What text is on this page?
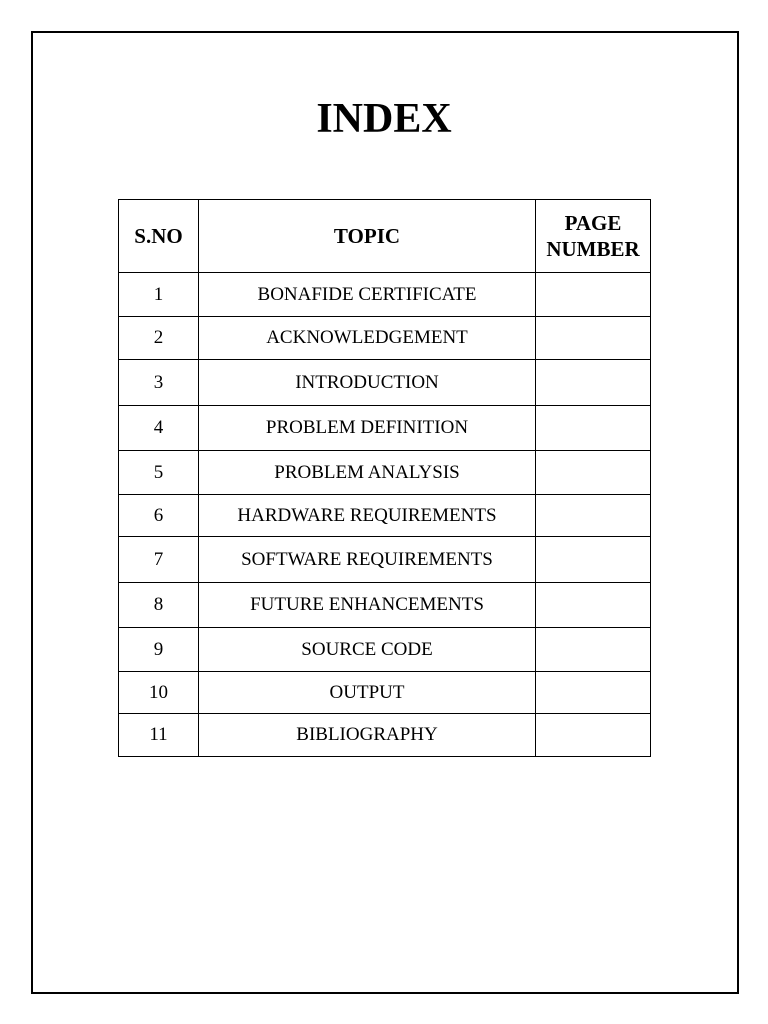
INDEX
S.NO	TOPIC	PAGE
NUMBER
1	BONAFIDE CERTIFICATE	
2	ACKNOWLEDGEMENT	
3	INTRODUCTION	
4	PROBLEM DEFINITION	
5	PROBLEM ANALYSIS	
6	HARDWARE REQUIREMENTS	
7	SOFTWARE REQUIREMENTS	
8	FUTURE ENHANCEMENTS	
9	SOURCE CODE	
10	OUTPUT	
11	BIBLIOGRAPHY	
